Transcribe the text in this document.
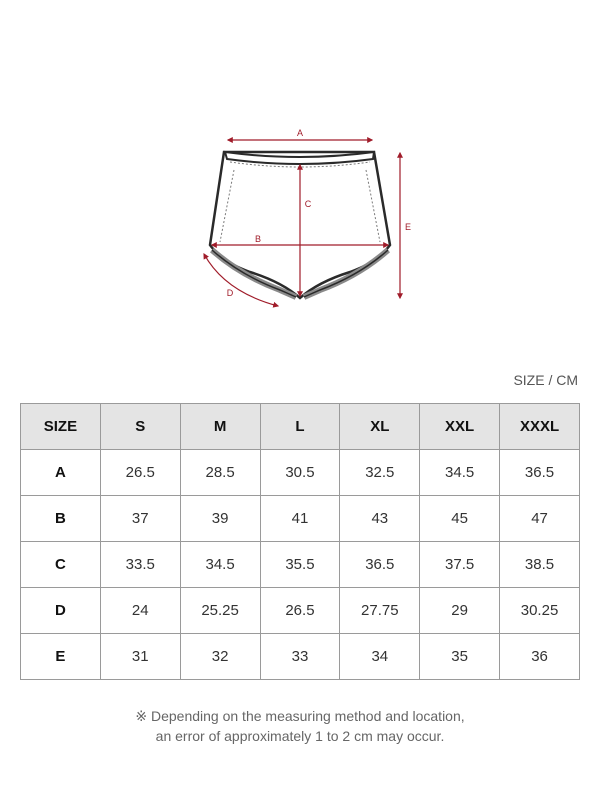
A
B
C
D
E
SIZE / CM
SIZE	S	M	L	XL	XXL	XXXL
A	26.5	28.5	30.5	32.5	34.5	36.5
B	37	39	41	43	45	47
C	33.5	34.5	35.5	36.5	37.5	38.5
D	24	25.25	26.5	27.75	29	30.25
E	31	32	33	34	35	36
※ Depending on the measuring method and location,
an error of approximately 1 to 2 cm may occur.
